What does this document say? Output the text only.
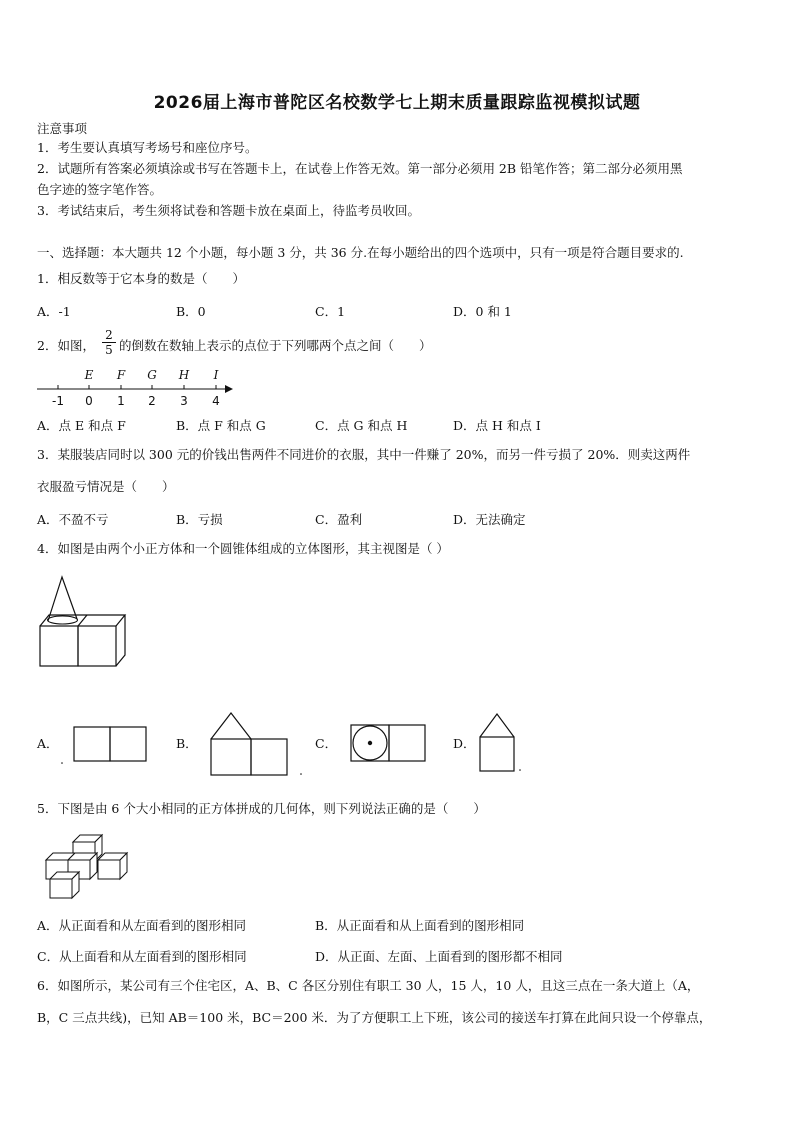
2026届上海市普陀区名校数学七上期末质量跟踪监视模拟试题
注意事项
1．考生要认真填写考场号和座位序号。
2．试题所有答案必须填涂或书写在答题卡上，在试卷上作答无效。第一部分必须用 2B 铅笔作答；第二部分必须用黑
色字迹的签字笔作答。
3．考试结束后，考生须将试卷和答题卡放在桌面上，待监考员收回。
一、选择题：本大题共 12 个小题，每小题 3 分，共 36 分.在每小题给出的四个选项中，只有一项是符合题目要求的.
1．相反数等于它本身的数是（　　）
A．-1	B．0	C．1	D．0 和 1
2．如图， $\frac{2}{5}$ 的倒数在数轴上表示的点位于下列哪两个点之间（　　）
E F G H I
-1 0 1 2 3 4
A．点 E 和点 F	B．点 F 和点 G	C．点 G 和点 H	D．点 H 和点 I
3．某服装店同时以 300 元的价钱出售两件不同进价的衣服，其中一件赚了 20%，而另一件亏损了 20%．则卖这两件
衣服盈亏情况是（　　）
A．不盈不亏	B．亏损	C．盈利	D．无法确定
4．如图是由两个小正方体和一个圆锥体组成的立体图形，其主视图是（ ）
A．	B．	C．	D．
5．下图是由 6 个大小相同的正方体拼成的几何体，则下列说法正确的是（　　）
A．从正面看和从左面看到的图形相同	B．从正面看和从上面看到的图形相同
C．从上面看和从左面看到的图形相同	D．从正面、左面、上面看到的图形都不相同
6．如图所示，某公司有三个住宅区，A、B、C 各区分别住有职工 30 人，15 人，10 人，且这三点在一条大道上（A，
B，C 三点共线)，已知 AB＝100 米，BC＝200 米．为了方便职工上下班，该公司的接送车打算在此间只设一个停靠点，
